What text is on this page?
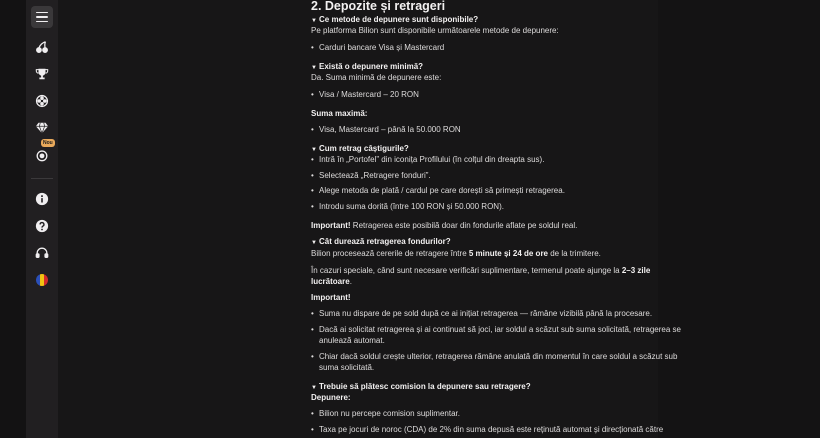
Nou
2. Depozite și retrageri
▼ Ce metode de depunere sunt disponibile?
Pe platforma Bilion sunt disponibile următoarele metode de depunere:
• Carduri bancare Visa și Mastercard
▼ Există o depunere minimă?
Da. Suma minimă de depunere este:
• Visa / Mastercard – 20 RON
Suma maximă:
• Visa, Mastercard – până la 50.000 RON
▼ Cum retrag câștigurile?
• Intră în „Portofel” din iconița Profilului (în colțul din dreapta sus).
• Selectează „Retragere fonduri”.
• Alege metoda de plată / cardul pe care dorești să primești retragerea.
• Introdu suma dorită (între 100 RON și 50.000 RON).
Important! Retragerea este posibilă doar din fondurile aflate pe soldul real.
▼ Cât durează retragerea fondurilor?
Bilion procesează cererile de retragere între 5 minute și 24 de ore de la trimitere.
În cazuri speciale, când sunt necesare verificări suplimentare, termenul poate ajunge la 2–3 zile
lucrătoare.
Important!
• Suma nu dispare de pe sold după ce ai inițiat retragerea — rămâne vizibilă până la procesare.
• Dacă ai solicitat retragerea și ai continuat să joci, iar soldul a scăzut sub suma solicitată, retragerea se
anulează automat.
• Chiar dacă soldul crește ulterior, retragerea rămâne anulată din momentul în care soldul a scăzut sub
suma solicitată.
▼ Trebuie să plătesc comision la depunere sau retragere?
Depunere:
• Bilion nu percepe comision suplimentar.
• Taxa pe jocuri de noroc (CDA) de 2% din suma depusă este reținută automat și direcționată către
